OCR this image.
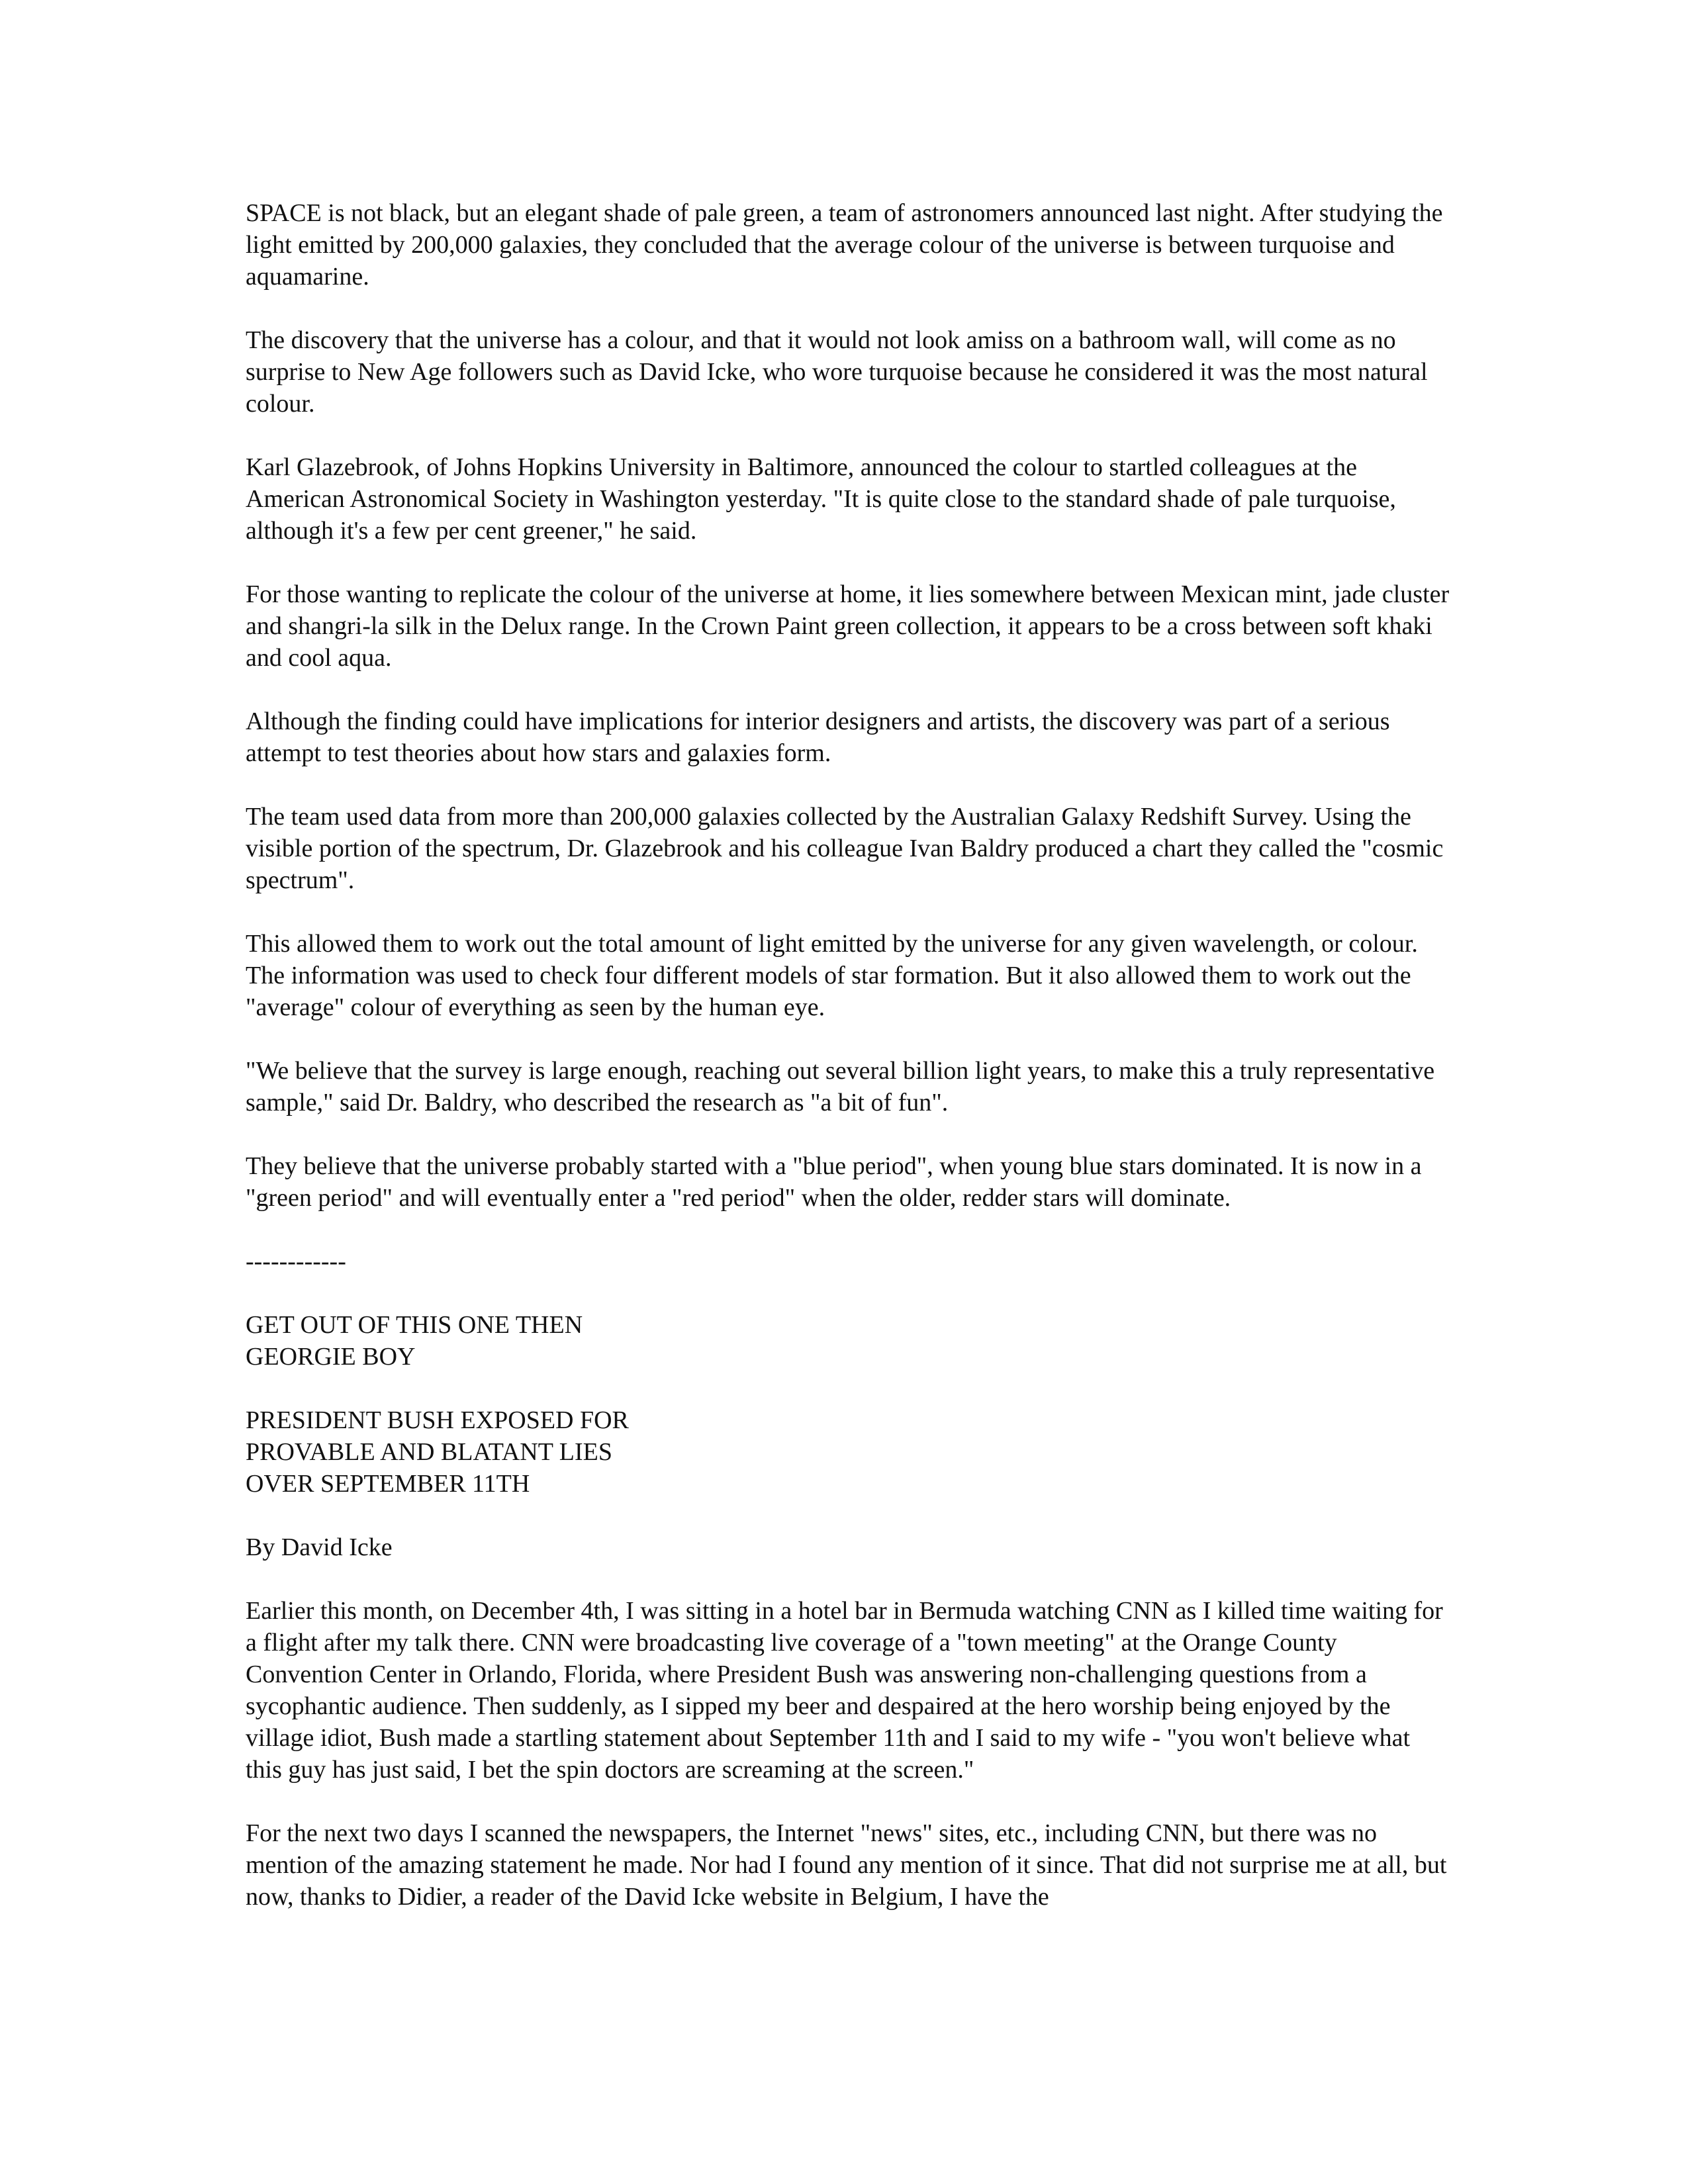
SPACE is not black, but an elegant shade of pale green, a team of astronomers announced last night. After studying the light emitted by 200,000 galaxies, they concluded that the average colour of the universe is between turquoise and aquamarine.

The discovery that the universe has a colour, and that it would not look amiss on a bathroom wall, will come as no surprise to New Age followers such as David Icke, who wore turquoise because he considered it was the most natural colour.

Karl Glazebrook, of Johns Hopkins University in Baltimore, announced the colour to startled colleagues at the American Astronomical Society in Washington yesterday. "It is quite close to the standard shade of pale turquoise, although it's a few per cent greener," he said.

For those wanting to replicate the colour of the universe at home, it lies somewhere between Mexican mint, jade cluster and shangri-la silk in the Delux range. In the Crown Paint green collection, it appears to be a cross between soft khaki and cool aqua.

Although the finding could have implications for interior designers and artists, the discovery was part of a serious attempt to test theories about how stars and galaxies form.

The team used data from more than 200,000 galaxies collected by the Australian Galaxy Redshift Survey. Using the visible portion of the spectrum, Dr. Glazebrook and his colleague Ivan Baldry produced a chart they called the "cosmic spectrum".

This allowed them to work out the total amount of light emitted by the universe for any given wavelength, or colour. The information was used to check four different models of star formation. But it also allowed them to work out the "average" colour of everything as seen by the human eye.

"We believe that the survey is large enough, reaching out several billion light years, to make this a truly representative sample," said Dr. Baldry, who described the research as "a bit of fun".

They believe that the universe probably started with a "blue period", when young blue stars dominated. It is now in a "green period" and will eventually enter a "red period" when the older, redder stars will dominate.

------------
GET OUT OF THIS ONE THEN
GEORGIE BOY
PRESIDENT BUSH EXPOSED FOR
PROVABLE AND BLATANT LIES
OVER SEPTEMBER 11TH
By David Icke

Earlier this month, on December 4th, I was sitting in a hotel bar in Bermuda watching CNN as I killed time waiting for a flight after my talk there. CNN were broadcasting live coverage of a "town meeting" at the Orange County Convention Center in Orlando, Florida, where President Bush was answering non-challenging questions from a sycophantic audience. Then suddenly, as I sipped my beer and despaired at the hero worship being enjoyed by the village idiot, Bush made a startling statement about September 11th and I said to my wife - "you won't believe what this guy has just said, I bet the spin doctors are screaming at the screen."

For the next two days I scanned the newspapers, the Internet "news" sites, etc., including CNN, but there was no mention of the amazing statement he made. Nor had I found any mention of it since. That did not surprise me at all, but now, thanks to Didier, a reader of the David Icke website in Belgium, I have the
